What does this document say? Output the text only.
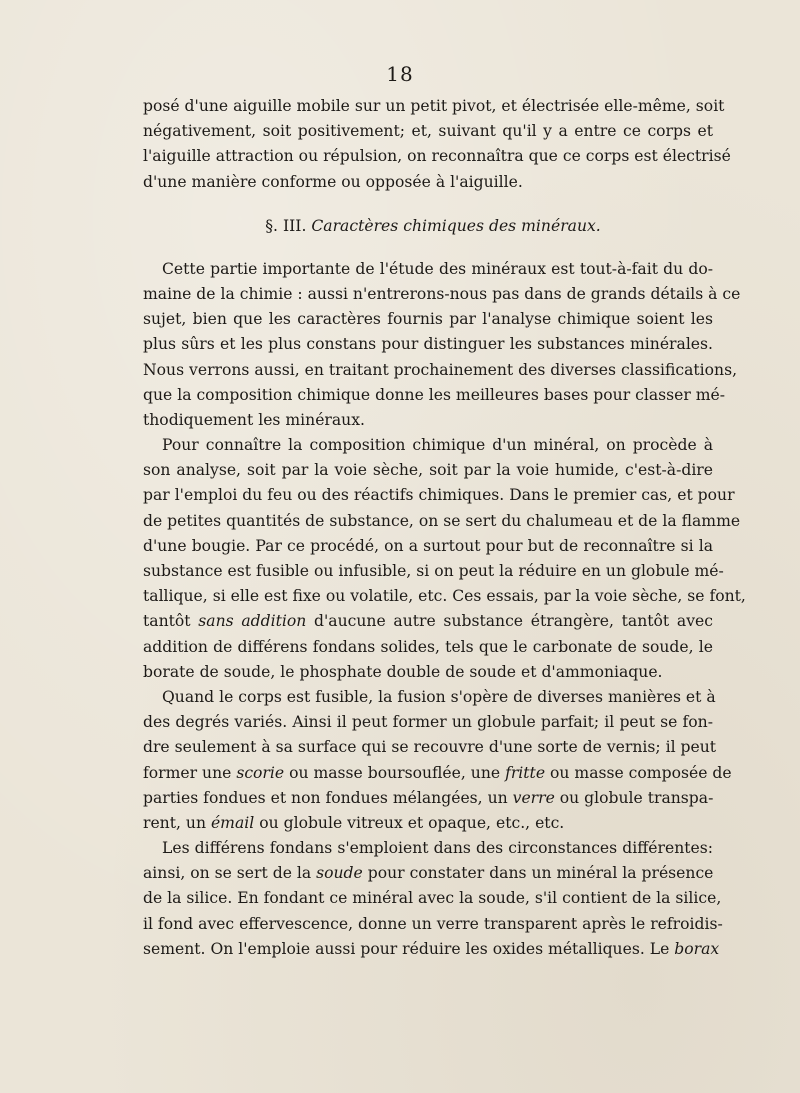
18
posé d'une aiguille mobile sur un petit pivot, et électrisée elle-même, soit
négativement, soit positivement; et, suivant qu'il y a entre ce corps et
l'aiguille attraction ou répulsion, on reconnaîtra que ce corps est électrisé
d'une manière conforme ou opposée à l'aiguille.
§. III. Caractères chimiques des minéraux.
Cette partie importante de l'étude des minéraux est tout-à-fait du do-
maine de la chimie : aussi n'entrerons-nous pas dans de grands détails à ce
sujet, bien que les caractères fournis par l'analyse chimique soient les
plus sûrs et les plus constans pour distinguer les substances minérales.
Nous verrons aussi, en traitant prochainement des diverses classifications,
que la composition chimique donne les meilleures bases pour classer mé-
thodiquement les minéraux.
Pour connaître la composition chimique d'un minéral, on procède à
son analyse, soit par la voie sèche, soit par la voie humide, c'est-à-dire
par l'emploi du feu ou des réactifs chimiques. Dans le premier cas, et pour
de petites quantités de substance, on se sert du chalumeau et de la flamme
d'une bougie. Par ce procédé, on a surtout pour but de reconnaître si la
substance est fusible ou infusible, si on peut la réduire en un globule mé-
tallique, si elle est fixe ou volatile, etc. Ces essais, par la voie sèche, se font,
tantôt sans addition d'aucune autre substance étrangère, tantôt avec
addition de différens fondans solides, tels que le carbonate de soude, le
borate de soude, le phosphate double de soude et d'ammoniaque.
Quand le corps est fusible, la fusion s'opère de diverses manières et à
des degrés variés. Ainsi il peut former un globule parfait; il peut se fon-
dre seulement à sa surface qui se recouvre d'une sorte de vernis; il peut
former une scorie ou masse boursouflée, une fritte ou masse composée de
parties fondues et non fondues mélangées, un verre ou globule transpa-
rent, un émail ou globule vitreux et opaque, etc., etc.
Les différens fondans s'emploient dans des circonstances différentes:
ainsi, on se sert de la soude pour constater dans un minéral la présence
de la silice. En fondant ce minéral avec la soude, s'il contient de la silice,
il fond avec effervescence, donne un verre transparent après le refroidis-
sement. On l'emploie aussi pour réduire les oxides métalliques. Le borax
